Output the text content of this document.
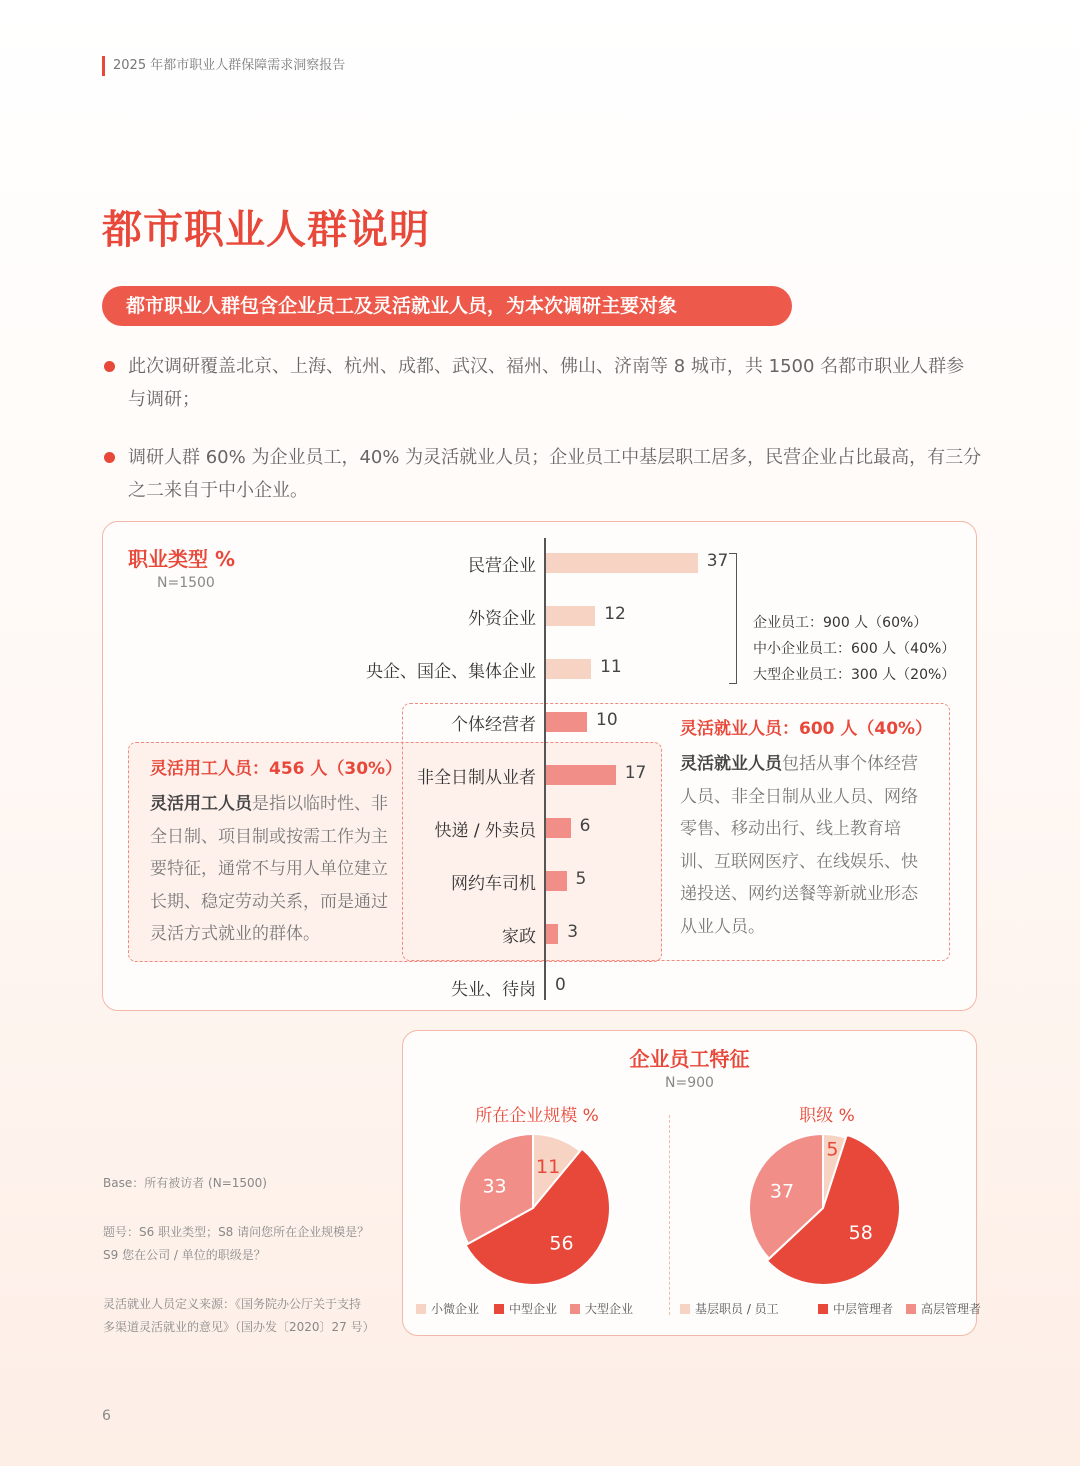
2025 年都市职业人群保障需求洞察报告
都市职业人群说明
都市职业人群包含企业员工及灵活就业人员，为本次调研主要对象
此次调研覆盖北京、上海、杭州、成都、武汉、福州、佛山、济南等 8 城市，共 1500 名都市职业人群参与调研；
调研人群 60% 为企业员工，40% 为灵活就业人员；企业员工中基层职工居多，民营企业占比最高，有三分之二来自于中小企业。
职业类型 %
N=1500
民营企业	37
外资企业	12
央企、国企、集体企业	11
个体经营者	10
非全日制从业者	17
快递 / 外卖员	6
网约车司机 5
家政 3
失业、待岗 0
企业员工：900 人（60%）
中小企业员工：600 人（40%）
大型企业员工：300 人（20%）
灵活用工人员：456 人（30%）
灵活用工人员是指以临时性、非全日制、项目制或按需工作为主要特征，通常不与用人单位建立长期、稳定劳动关系，而是通过灵活方式就业的群体。
灵活就业人员：600 人（40%）
灵活就业人员包括从事个体经营人员、非全日制从业人员、网络零售、移动出行、线上教育培训、互联网医疗、在线娱乐、快递投送、网约送餐等新就业形态从业人员。
Base：所有被访者 (N=1500)
题号：S6 职业类型；S8 请问您所在企业规模是？
S9 您在公司 / 单位的职级是？
灵活就业人员定义来源：《国务院办公厅关于支持
多渠道灵活就业的意见》（国办发〔2020〕27 号）
企业员工特征
N=900
所在企业规模 %	职级 %
11
56
33
5
58
37
小微企业	中型企业	大型企业	基层职员 / 员工	中层管理者	高层管理者
6
